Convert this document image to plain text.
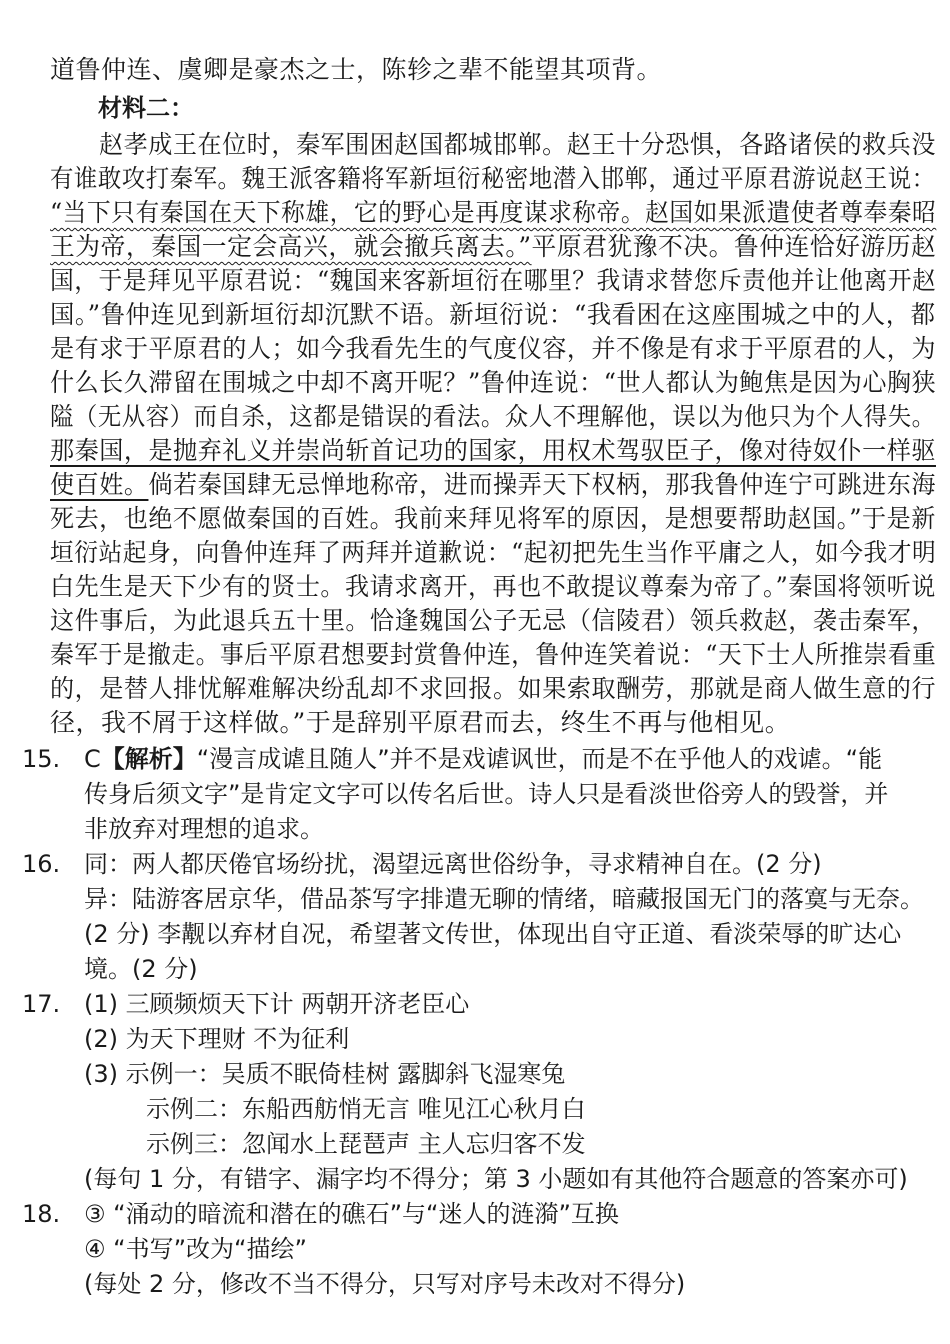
道鲁仲连、虞卿是豪杰之士，陈轸之辈不能望其项背。
材料二：
赵孝成王在位时，秦军围困赵国都城邯郸。赵王十分恐惧，各路诸侯的救兵没
有谁敢攻打秦军。魏王派客籍将军新垣衍秘密地潜入邯郸，通过平原君游说赵王说：
“当下只有秦国在天下称雄，它的野心是再度谋求称帝。赵国如果派遣使者尊奉秦昭
王为帝，秦国一定会高兴，就会撤兵离去。”平原君犹豫不决。鲁仲连恰好游历赵
国，于是拜见平原君说：“魏国来客新垣衍在哪里？我请求替您斥责他并让他离开赵
国。”鲁仲连见到新垣衍却沉默不语。新垣衍说：“我看困在这座围城之中的人，都
是有求于平原君的人；如今我看先生的气度仪容，并不像是有求于平原君的人，为
什么长久滞留在围城之中却不离开呢？”鲁仲连说：“世人都认为鲍焦是因为心胸狭
隘（无从容）而自杀，这都是错误的看法。众人不理解他，误以为他只为个人得失。
那秦国，是抛弃礼义并崇尚斩首记功的国家，用权术驾驭臣子，像对待奴仆一样驱
使百姓。倘若秦国肆无忌惮地称帝，进而操弄天下权柄，那我鲁仲连宁可跳进东海
死去，也绝不愿做秦国的百姓。我前来拜见将军的原因，是想要帮助赵国。”于是新
垣衍站起身，向鲁仲连拜了两拜并道歉说：“起初把先生当作平庸之人，如今我才明
白先生是天下少有的贤士。我请求离开，再也不敢提议尊秦为帝了。”秦国将领听说
这件事后，为此退兵五十里。恰逢魏国公子无忌（信陵君）领兵救赵，袭击秦军，
秦军于是撤走。事后平原君想要封赏鲁仲连，鲁仲连笑着说：“天下士人所推崇看重
的，是替人排忧解难解决纷乱却不求回报。如果索取酬劳，那就是商人做生意的行
径，我不屑于这样做。”于是辞别平原君而去，终生不再与他相见。
15. C【解析】“漫言成谑且随人”并不是戏谑讽世，而是不在乎他人的戏谑。“能
传身后须文字”是肯定文字可以传名后世。诗人只是看淡世俗旁人的毁誉，并
非放弃对理想的追求。
16. 同：两人都厌倦官场纷扰，渴望远离世俗纷争，寻求精神自在。(2 分)
异：陆游客居京华，借品茶写字排遣无聊的情绪，暗藏报国无门的落寞与无奈。
(2 分) 李觏以弃材自况，希望著文传世，体现出自守正道、看淡荣辱的旷达心
境。(2 分)
17. (1) 三顾频烦天下计 两朝开济老臣心
(2) 为天下理财 不为征利
(3) 示例一：吴质不眠倚桂树 露脚斜飞湿寒兔
示例二：东船西舫悄无言 唯见江心秋月白
示例三：忽闻水上琵琶声 主人忘归客不发
(每句 1 分，有错字、漏字均不得分；第 3 小题如有其他符合题意的答案亦可)
18. ③ “涌动的暗流和潜在的礁石”与“迷人的涟漪”互换
④ “书写”改为“描绘”
(每处 2 分，修改不当不得分，只写对序号未改对不得分)
